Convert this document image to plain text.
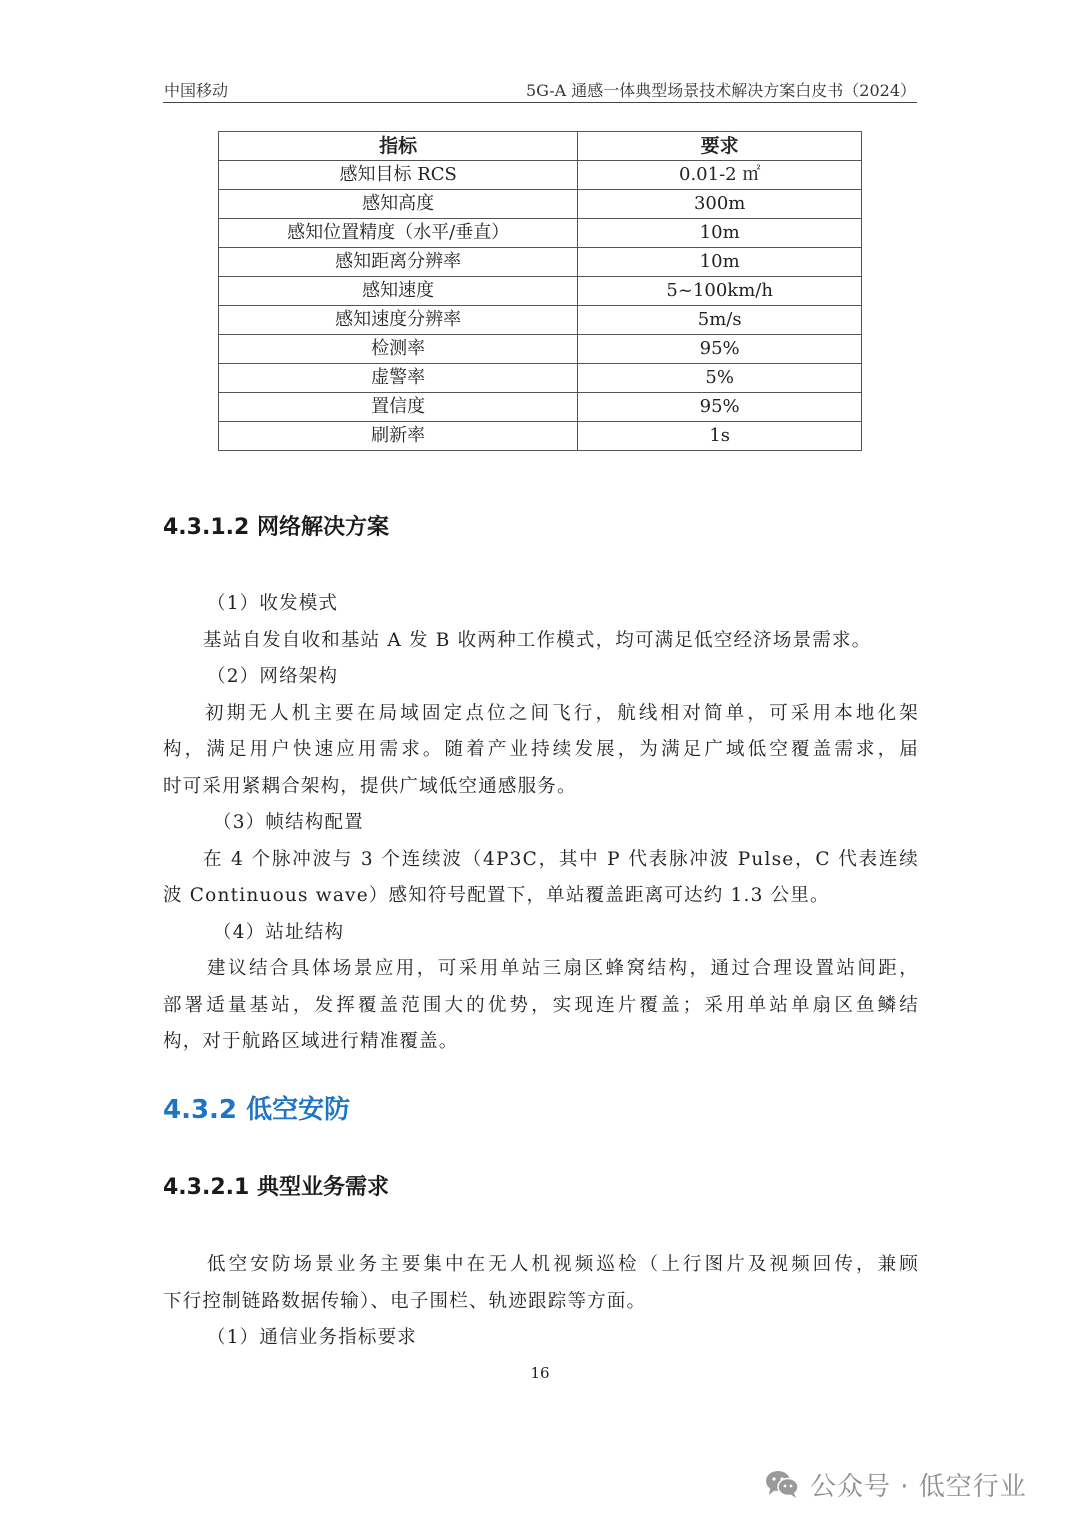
中国移动	5G-A 通感一体典型场景技术解决方案白皮书（2024）
指标	要求
感知目标 RCS	0.01-2 ㎡
感知高度	300m
感知位置精度（水平/垂直）	10m
感知距离分辨率	10m
感知速度	5~100km/h
感知速度分辨率	5m/s
检测率	95%
虚警率	5%
置信度	95%
刷新率	1s
4.3.1.2 网络解决方案
（1）收发模式
基站自发自收和基站 A 发 B 收两种工作模式，均可满足低空经济场景需求。
（2）网络架构
初期无人机主要在局域固定点位之间飞行，航线相对简单，可采用本地化架
构，满足用户快速应用需求。随着产业持续发展，为满足广域低空覆盖需求，届
时可采用紧耦合架构，提供广域低空通感服务。
（3）帧结构配置
在 4 个脉冲波与 3 个连续波（4P3C，其中 P 代表脉冲波 Pulse，C 代表连续
波 Continuous wave）感知符号配置下，单站覆盖距离可达约 1.3 公里。
（4）站址结构
建议结合具体场景应用，可采用单站三扇区蜂窝结构，通过合理设置站间距，
部署适量基站，发挥覆盖范围大的优势，实现连片覆盖；采用单站单扇区鱼鳞结
构，对于航路区域进行精准覆盖。
4.3.2 低空安防
4.3.2.1 典型业务需求
低空安防场景业务主要集中在无人机视频巡检（上行图片及视频回传，兼顾
下行控制链路数据传输）、电子围栏、轨迹跟踪等方面。
（1）通信业务指标要求
16
公众号 · 低空行业
